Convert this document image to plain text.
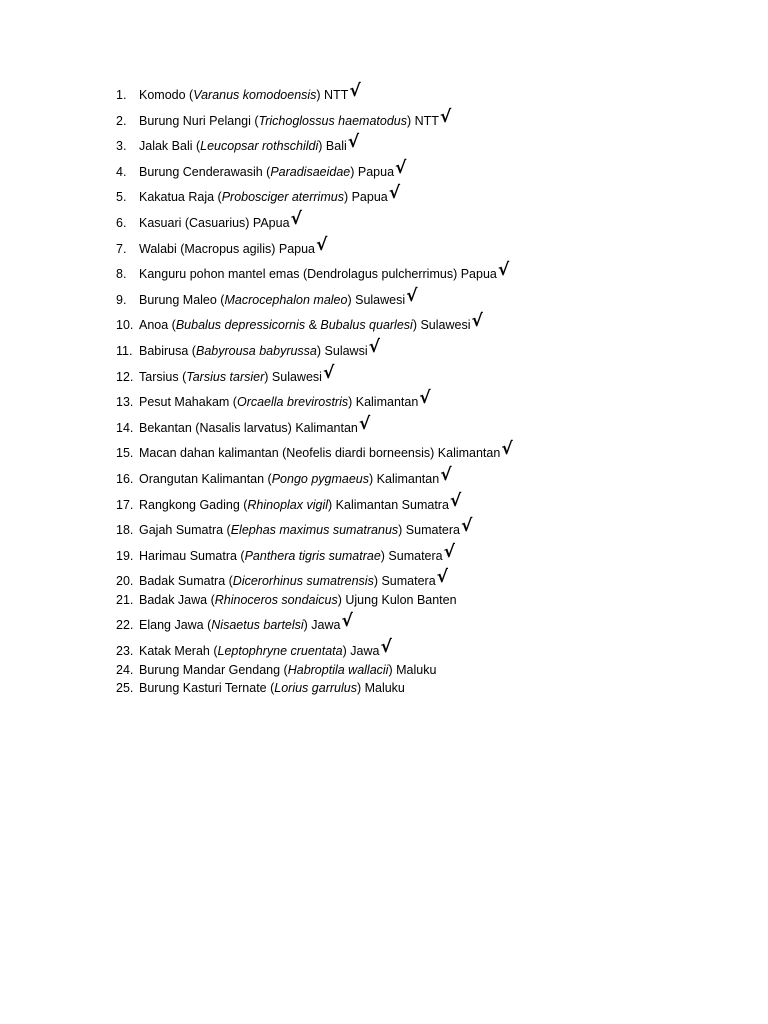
1.	Komodo (Varanus komodoensis) NTT √
2.	Burung Nuri Pelangi (Trichoglossus haematodus) NTT √
3.	Jalak Bali (Leucopsar rothschildi) Bali √
4.	Burung Cenderawasih (Paradisaeidae) Papua √
5.	Kakatua Raja (Probosciger aterrimus) Papua √
6.	Kasuari (Casuarius) PApua √
7.	Walabi (Macropus agilis) Papua √
8.	Kanguru pohon mantel emas (Dendrolagus pulcherrimus) Papua √
9.	Burung Maleo (Macrocephalon maleo) Sulawesi √
10. Anoa (Bubalus depressicornis & Bubalus quarlesi) Sulawesi √
11. Babirusa (Babyrousa babyrussa) Sulawsi √
12. Tarsius (Tarsius tarsier) Sulawesi √
13. Pesut Mahakam (Orcaella brevirostris) Kalimantan √
14. Bekantan (Nasalis larvatus) Kalimantan √
15. Macan dahan kalimantan (Neofelis diardi borneensis) Kalimantan √
16. Orangutan Kalimantan (Pongo pygmaeus) Kalimantan √
17. Rangkong Gading (Rhinoplax vigil) Kalimantan Sumatra √
18. Gajah Sumatra (Elephas maximus sumatranus) Sumatera √
19. Harimau Sumatra (Panthera tigris sumatrae) Sumatera √
20. Badak Sumatra (Dicerorhinus sumatrensis) Sumatera √
21. Badak Jawa (Rhinoceros sondaicus) Ujung Kulon Banten
22. Elang Jawa (Nisaetus bartelsi) Jawa √
23. Katak Merah (Leptophryne cruentata) Jawa √
24. Burung Mandar Gendang (Habroptila wallacii) Maluku
25. Burung Kasturi Ternate (Lorius garrulus) Maluku
